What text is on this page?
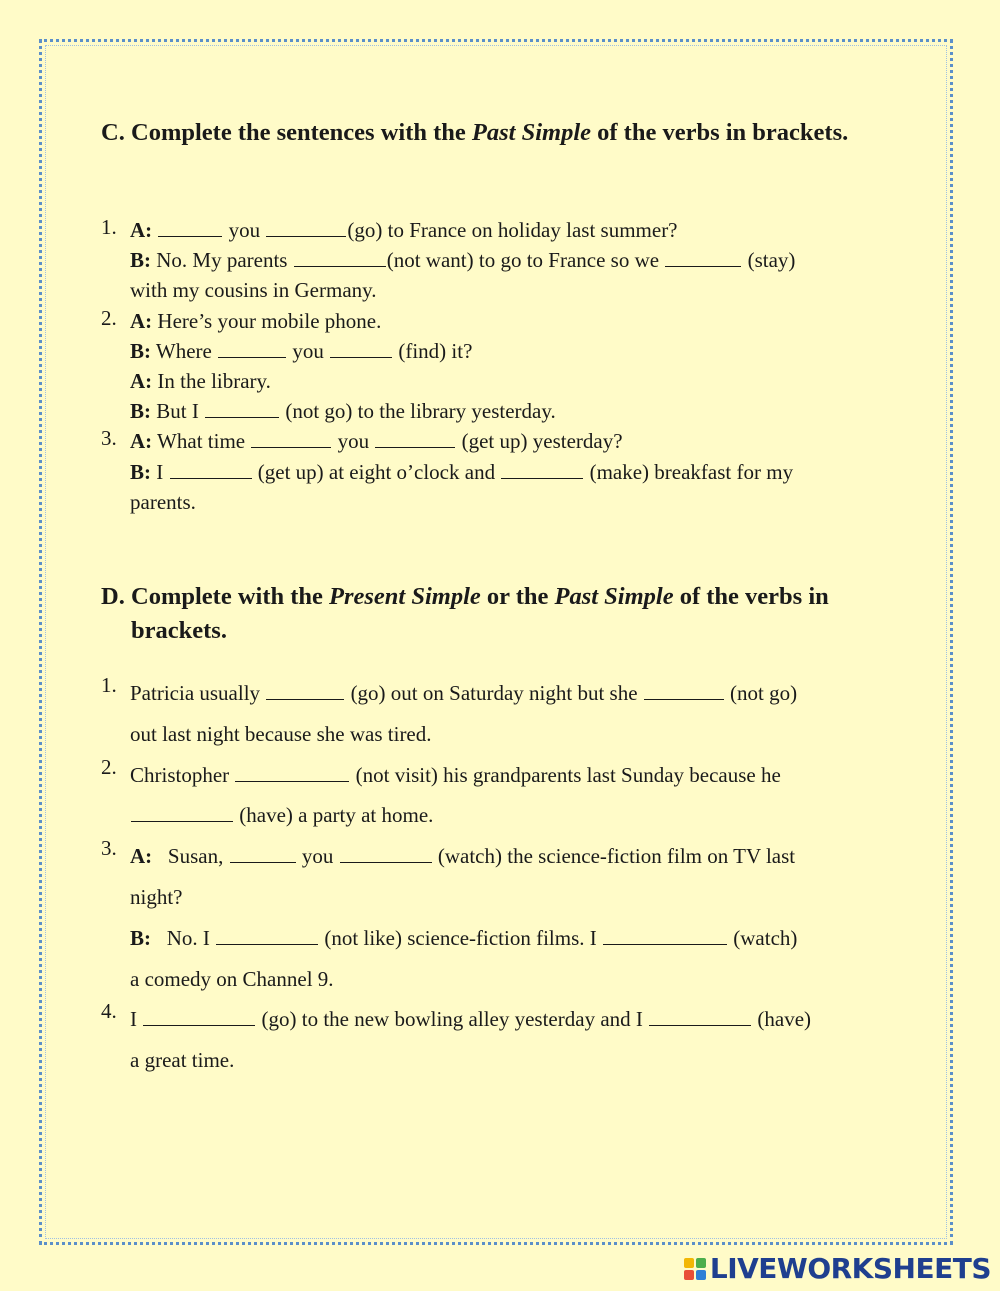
C. Complete the sentences with the Past Simple of the verbs in brackets.
1. A:	you	(go) to France on holiday last summer?
B: No. My parents	(not want) to go to France so we	(stay)
with my cousins in Germany.
2. A: Here’s your mobile phone.
B: Where	you	(find) it?
A: In the library.
B: But I	(not go) to the library yesterday.
3. A: What time	you	(get up) yesterday?
B: I	(get up) at eight o’clock and	(make) breakfast for my
parents.
D. Complete with the Present Simple or the Past Simple of the verbs in brackets.
1. Patricia usually	(go) out on Saturday night but she	(not go)
out last night because she was tired.
2. Christopher	(not visit) his grandparents last Sunday because he
(have) a party at home.
3. A: Susan,	you	(watch) the science-fiction film on TV last
night?
B: No. I	(not like) science-fiction films. I	(watch)
a comedy on Channel 9.
4. I	(go) to the new bowling alley yesterday and I	(have)
a great time.
LIVEWORKSHEETS
